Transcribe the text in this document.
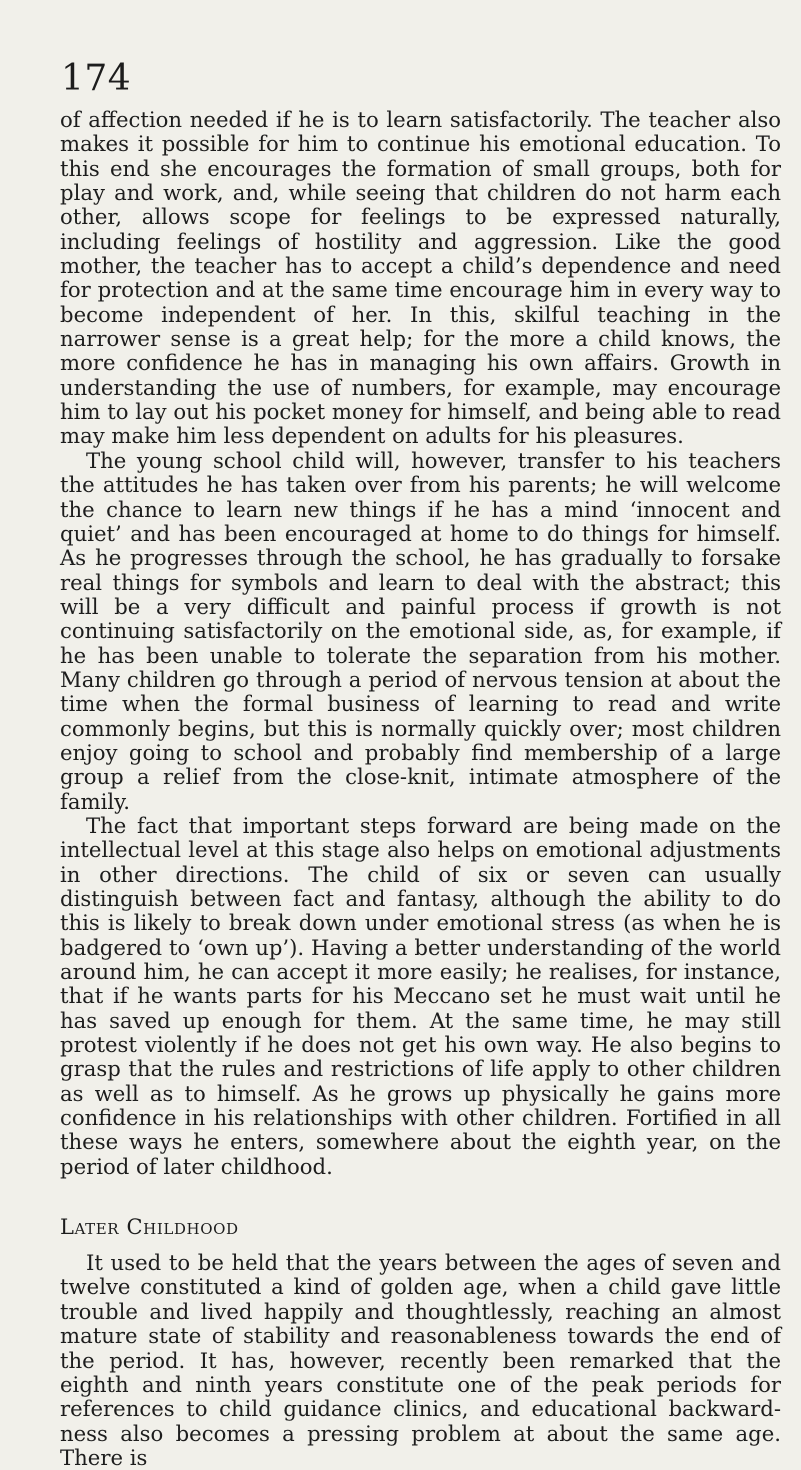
174

of affection needed if he is to learn satisfactorily. The teacher also makes it possible for him to continue his emotional education. To this end she encourages the formation of small groups, both for play and work, and, while seeing that children do not harm each other, allows scope for feelings to be expressed naturally, including feelings of hostility and aggression. Like the good mother, the teacher has to accept a child’s dependence and need for protection and at the same time encourage him in every way to become independent of her. In this, skilful teaching in the narrower sense is a great help; for the more a child knows, the more confidence he has in managing his own affairs. Growth in understanding the use of numbers, for example, may encourage him to lay out his pocket money for himself, and being able to read may make him less dependent on adults for his pleasures.

The young school child will, however, transfer to his teachers the attitudes he has taken over from his parents; he will welcome the chance to learn new things if he has a mind ‘innocent and quiet’ and has been encouraged at home to do things for himself. As he progresses through the school, he has gradually to forsake real things for symbols and learn to deal with the abstract; this will be a very difficult and painful process if growth is not continuing satisfactorily on the emotional side, as, for example, if he has been unable to tolerate the separation from his mother. Many children go through a period of nervous tension at about the time when the formal business of learning to read and write commonly begins, but this is normally quickly over; most children enjoy going to school and probably find membership of a large group a relief from the close-knit, intimate atmosphere of the family.

The fact that important steps forward are being made on the intellectual level at this stage also helps on emotional adjustments in other directions. The child of six or seven can usually distinguish between fact and fantasy, although the ability to do this is likely to break down under emotional stress (as when he is badgered to ‘own up’). Having a better understanding of the world around him, he can accept it more easily; he realises, for instance, that if he wants parts for his Meccano set he must wait until he has saved up enough for them. At the same time, he may still protest violently if he does not get his own way. He also begins to grasp that the rules and restrictions of life apply to other children as well as to himself. As he grows up physically he gains more confidence in his relationships with other children. Fortified in all these ways he enters, somewhere about the eighth year, on the period of later childhood.

Later Childhood

It used to be held that the years between the ages of seven and twelve constituted a kind of golden age, when a child gave little trouble and lived happily and thoughtlessly, reaching an almost mature state of stability and reasonableness towards the end of the period. It has, however, recently been remarked that the eighth and ninth years constitute one of the peak periods for references to child guidance clinics, and educational backward-ness also becomes a pressing problem at about the same age. There is
